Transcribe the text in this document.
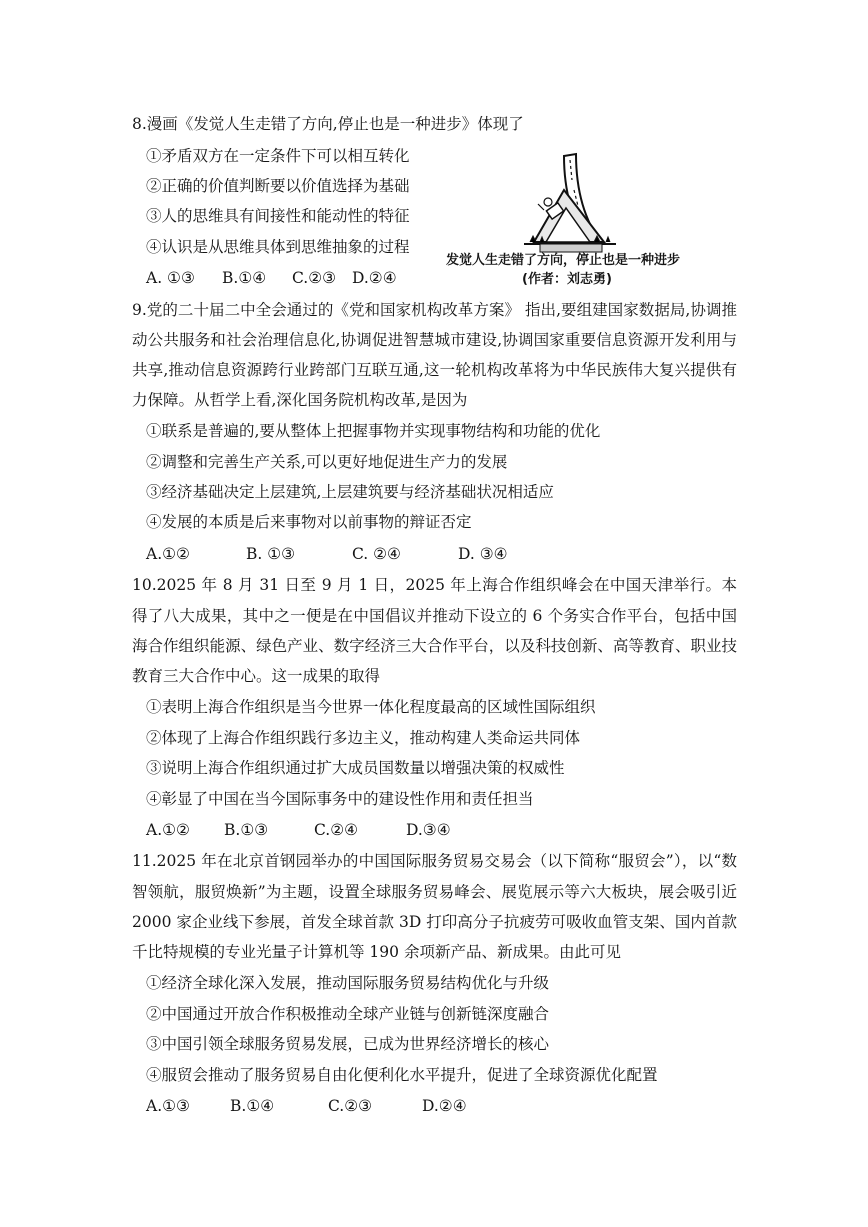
8.漫画《发觉人生走错了方向,停止也是一种进步》体现了
①矛盾双方在一定条件下可以相互转化
②正确的价值判断要以价值选择为基础
③人的思维具有间接性和能动性的特征
④认识是从思维具体到思维抽象的过程
A. ①③ B.①④ C.②③ D.②④
发觉人生走错了方向，停止也是一种进步
(作者：刘志勇)
9.党的二十届二中全会通过的《党和国家机构改革方案》 指出,要组建国家数据局,协调推
动公共服务和社会治理信息化,协调促进智慧城市建设,协调国家重要信息资源开发利用与
共享,推动信息资源跨行业跨部门互联互通,这一轮机构改革将为中华民族伟大复兴提供有
力保障。从哲学上看,深化国务院机构改革,是因为
①联系是普遍的,要从整体上把握事物并实现事物结构和功能的优化
②调整和完善生产关系,可以更好地促进生产力的发展
③经济基础决定上层建筑,上层建筑要与经济基础状况相适应
④发展的本质是后来事物对以前事物的辩证否定
A.①②	B. ①③	C. ②④	D. ③④
10.2025 年 8 月 31 日至 9 月 1 日，2025 年上海合作组织峰会在中国天津举行。本
得了八大成果，其中之一便是在中国倡议并推动下设立的 6 个务实合作平台，包括中国
海合作组织能源、绿色产业、数字经济三大合作平台，以及科技创新、高等教育、职业技
教育三大合作中心。这一成果的取得
①表明上海合作组织是当今世界一体化程度最高的区域性国际组织
②体现了上海合作组织践行多边主义，推动构建人类命运共同体
③说明上海合作组织通过扩大成员国数量以增强决策的权威性
④彰显了中国在当今国际事务中的建设性作用和责任担当
A.①② B.①③	C.②④	D.③④
11.2025 年在北京首钢园举办的中国国际服务贸易交易会（以下简称“服贸会”），以“数
智领航，服贸焕新”为主题，设置全球服务贸易峰会、展览展示等六大板块，展会吸引近
2000 家企业线下参展，首发全球首款 3D 打印高分子抗疲劳可吸收血管支架、国内首款
千比特规模的专业光量子计算机等 190 余项新产品、新成果。由此可见
①经济全球化深入发展，推动国际服务贸易结构优化与升级
②中国通过开放合作积极推动全球产业链与创新链深度融合
③中国引领全球服务贸易发展，已成为世界经济增长的核心
④服贸会推动了服务贸易自由化便利化水平提升，促进了全球资源优化配置
A.①③	B.①④	C.②③	D.②④
